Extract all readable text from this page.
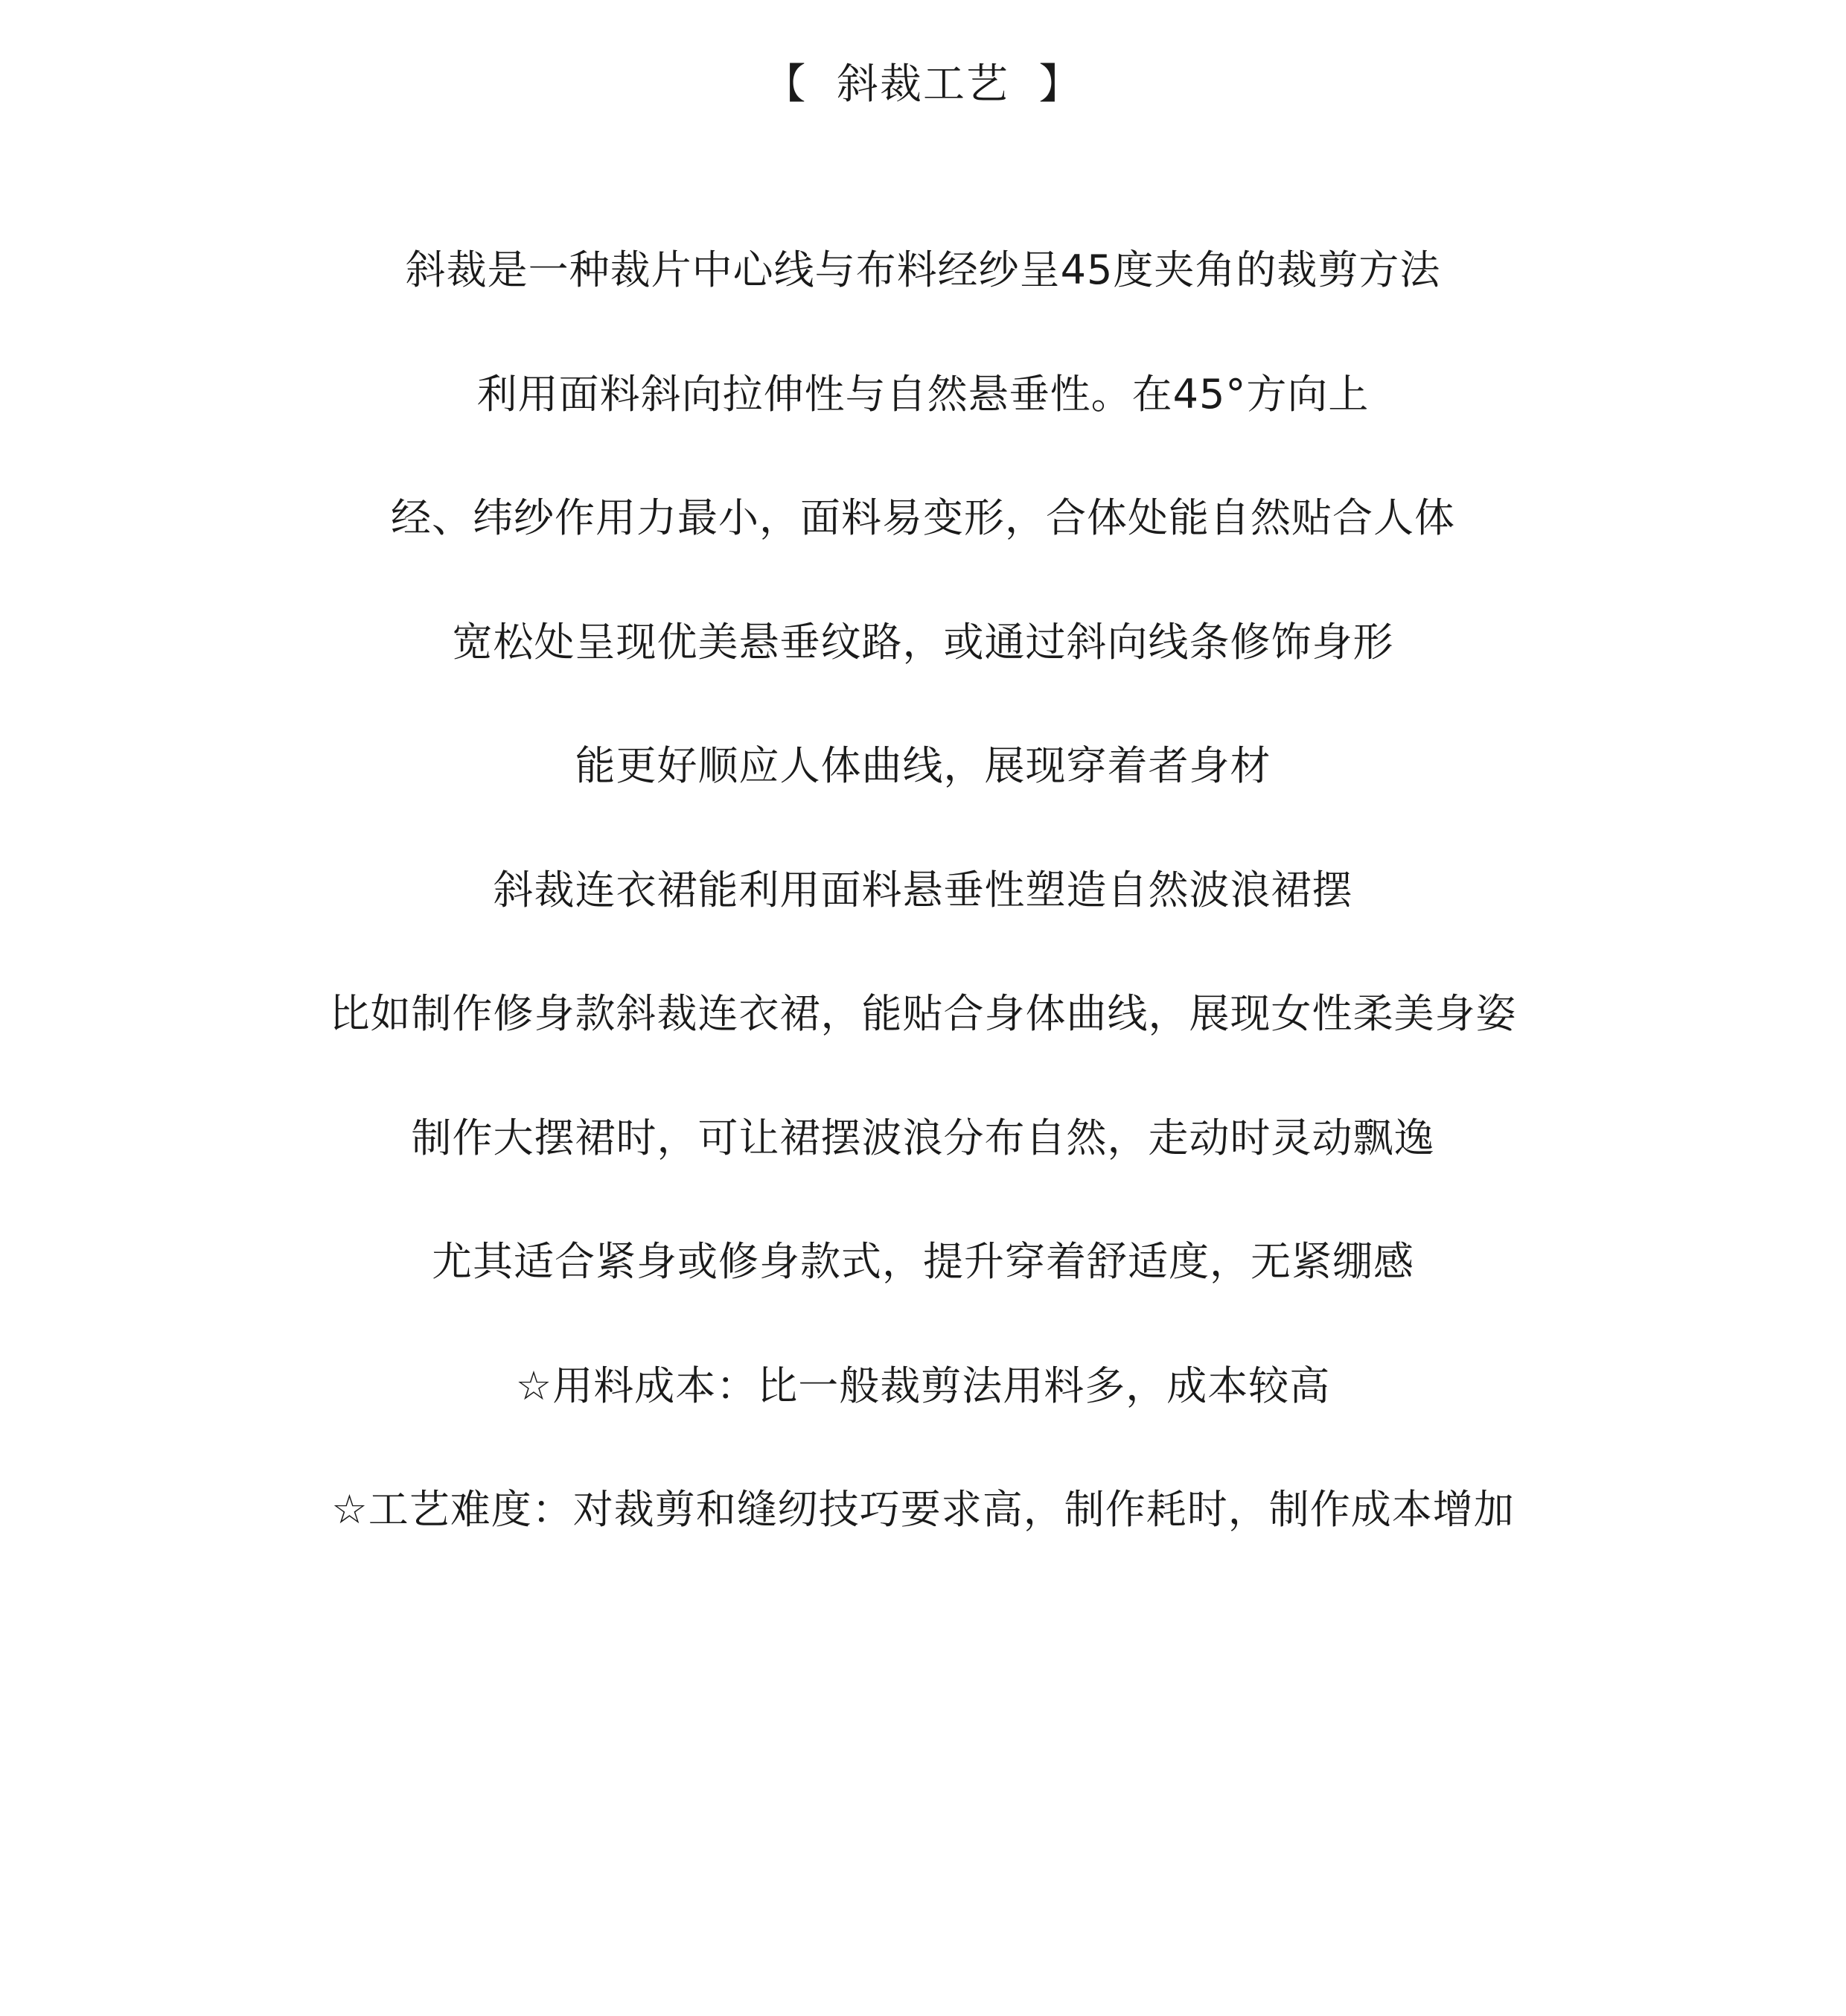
【  斜裁工艺  】
斜裁是一种裁片中心线与布料经纱呈45度夹角的裁剪方法
利用面料斜向拉伸性与自然悬垂性。在45°方向上
经、纬纱作用力最小，面料易变形，合体处能自然贴合人体
宽松处呈现优美悬垂纹路，或通过斜向线条修饰身形
能更好顺应人体曲线，展现穿着者身材
斜裁连衣裙能利用面料悬垂性塑造自然波浪裙摆
比如制作修身款斜裁连衣裙，能贴合身体曲线，展现女性柔美身姿
制作大摆裙时，可让裙摆波浪分布自然，走动时灵动飘逸
尤其适合紧身或修身款式，提升穿着舒适度，无紧绷感
☆用料成本：比一般裁剪法用料多，成本较高
☆工艺难度：对裁剪和缝纫技巧要求高，制作耗时，制作成本增加
